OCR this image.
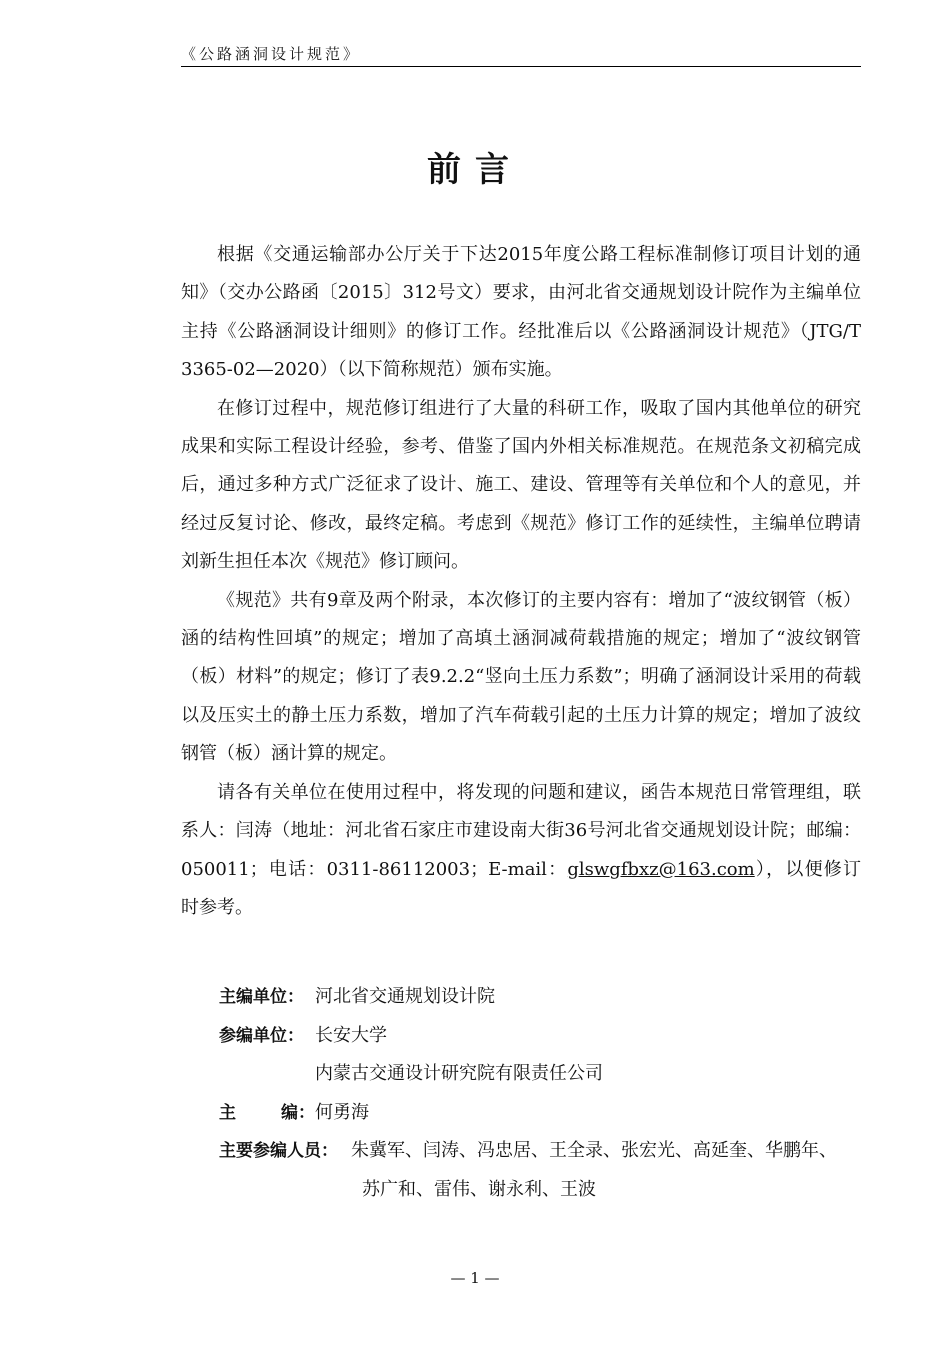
《公路涵洞设计规范》
前言

根据《交通运输部办公厅关于下达2015年度公路工程标准制修订项目计划的通知》（交办公路函〔2015〕312号文）要求，由河北省交通规划设计院作为主编单位主持《公路涵洞设计细则》的修订工作。经批准后以《公路涵洞设计规范》（JTG/T 3365-02—2020）（以下简称规范）颁布实施。

在修订过程中，规范修订组进行了大量的科研工作，吸取了国内其他单位的研究成果和实际工程设计经验，参考、借鉴了国内外相关标准规范。在规范条文初稿完成后，通过多种方式广泛征求了设计、施工、建设、管理等有关单位和个人的意见，并经过反复讨论、修改，最终定稿。考虑到《规范》修订工作的延续性，主编单位聘请刘新生担任本次《规范》修订顾问。

《规范》共有9章及两个附录，本次修订的主要内容有：增加了“波纹钢管（板）涵的结构性回填”的规定；增加了高填土涵洞减荷载措施的规定；增加了“波纹钢管（板）材料”的规定；修订了表9.2.2“竖向土压力系数”；明确了涵洞设计采用的荷载以及压实土的静土压力系数，增加了汽车荷载引起的土压力计算的规定；增加了波纹钢管（板）涵计算的规定。

请各有关单位在使用过程中，将发现的问题和建议，函告本规范日常管理组，联系人：闫涛（地址：河北省石家庄市建设南大街36号河北省交通规划设计院；邮编：050011；电话：0311-86112003；E-mail：glswgfbxz@163.com），以便修订时参考。

主编单位： 河北省交通规划设计院
参编单位： 长安大学
内蒙古交通设计研究院有限责任公司
主	编： 何勇海
主要参编人员： 朱冀军、闫涛、冯忠居、王全录、张宏光、高延奎、华鹏年、
苏广和、雷伟、谢永利、王波
— 1 —
